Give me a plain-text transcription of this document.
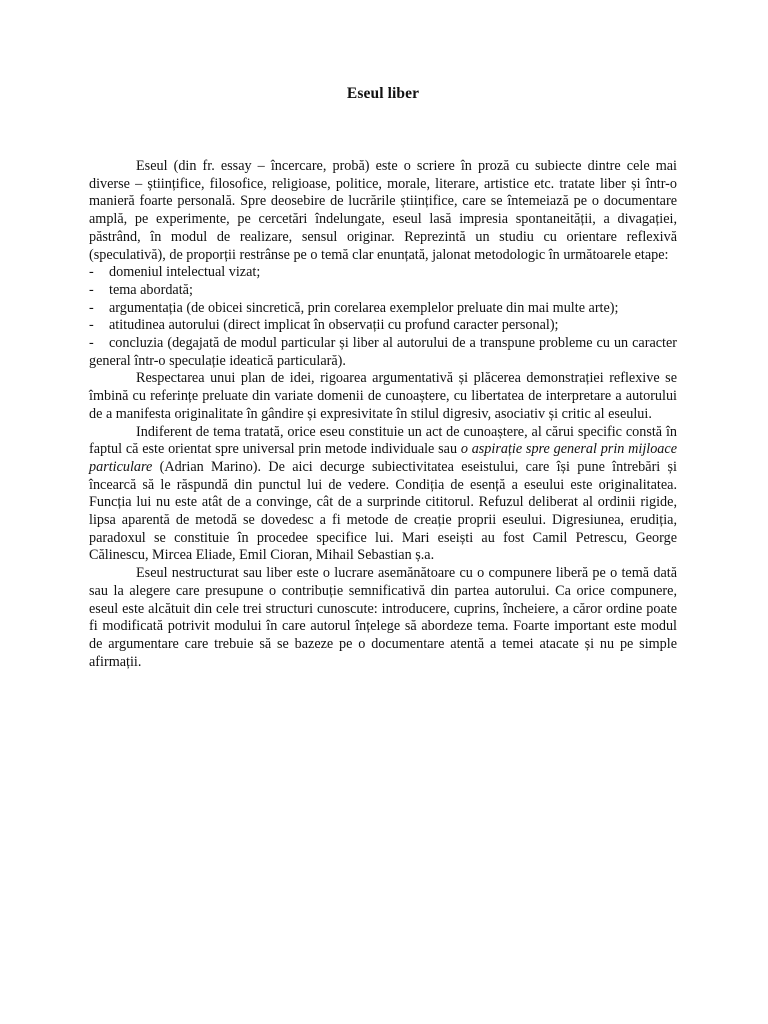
Eseul liber

Eseul (din fr. essay – încercare, probă) este o scriere în proză cu subiecte dintre cele mai diverse – științifice, filosofice, religioase, politice, morale, literare, artistice etc. tratate liber și într-o manieră foarte personală. Spre deosebire de lucrările științifice, care se întemeiază pe o documentare amplă, pe experimente, pe cercetări îndelungate, eseul lasă impresia spontaneității, a divagației, păstrând, în modul de realizare, sensul originar. Reprezintă un studiu cu orientare reflexivă (speculativă), de proporții restrânse pe o temă clar enunțată, jalonat metodologic în următoarele etape:

-	domeniul intelectual vizat;
-	tema abordată;
-	argumentația (de obicei sincretică, prin corelarea exemplelor preluate din mai multe arte);
-	atitudinea autorului (direct implicat în observații cu profund caracter personal);

- concluzia (degajată de modul particular și liber al autorului de a transpune probleme cu un caracter general într-o speculație ideatică particulară).

Respectarea unui plan de idei, rigoarea argumentativă și plăcerea demonstrației reflexive se îmbină cu referințe preluate din variate domenii de cunoaștere, cu libertatea de interpretare a autorului de a manifesta originalitate în gândire și expresivitate în stilul digresiv, asociativ și critic al eseului.

Indiferent de tema tratată, orice eseu constituie un act de cunoaștere, al cărui specific constă în faptul că este orientat spre universal prin metode individuale sau o aspirație spre general prin mijloace particulare (Adrian Marino). De aici decurge subiectivitatea eseistului, care își pune întrebări și încearcă să le răspundă din punctul lui de vedere. Condiția de esență a eseului este originalitatea. Funcția lui nu este atât de a convinge, cât de a surprinde cititorul. Refuzul deliberat al ordinii rigide, lipsa aparentă de metodă se dovedesc a fi metode de creație proprii eseului. Digresiunea, erudiția, paradoxul se constituie în procedee specifice lui. Mari eseiști au fost Camil Petrescu, George Călinescu, Mircea Eliade, Emil Cioran, Mihail Sebastian ș.a.

Eseul nestructurat sau liber este o lucrare asemănătoare cu o compunere liberă pe o temă dată sau la alegere care presupune o contribuție semnificativă din partea autorului. Ca orice compunere, eseul este alcătuit din cele trei structuri cunoscute: introducere, cuprins, încheiere, a căror ordine poate fi modificată potrivit modului în care autorul înțelege să abordeze tema. Foarte important este modul de argumentare care trebuie să se bazeze pe o documentare atentă a temei atacate și nu pe simple afirmații.
